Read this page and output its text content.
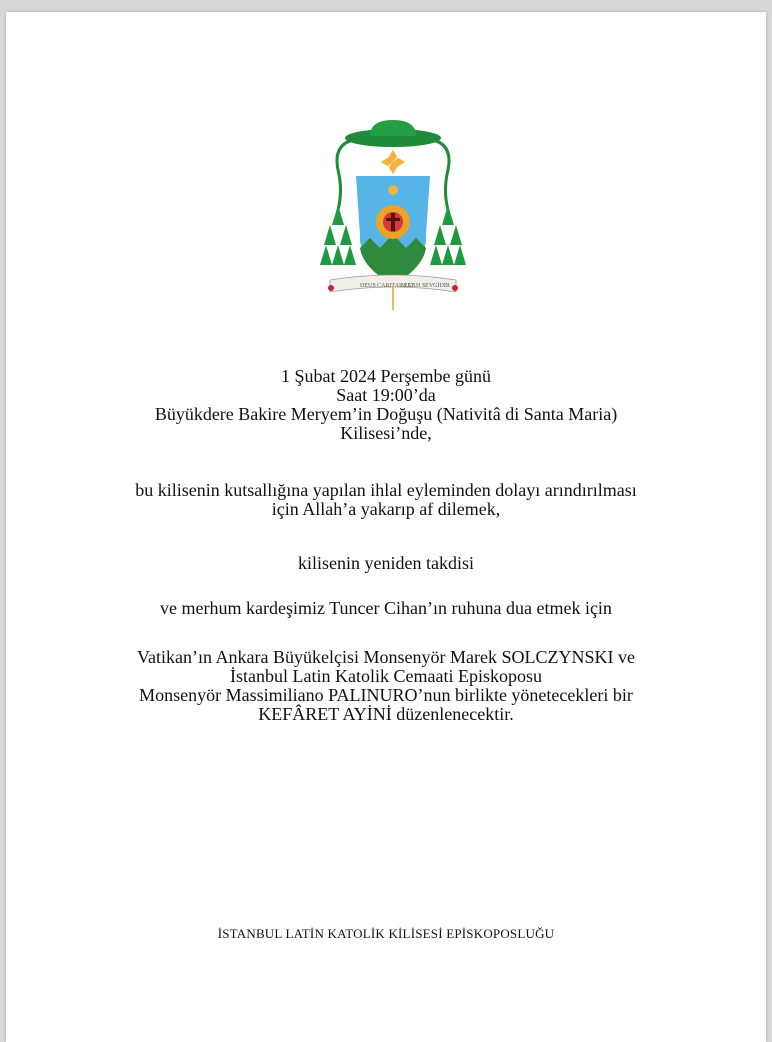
DEUS CARITAS EST
ALLAH SEVGİDİR
1 Şubat 2024 Perşembe günü
Saat 19:00’da
Büyükdere Bakire Meryem’in Doğuşu (Nativitâ di Santa Maria)
Kilisesi’nde,
bu kilisenin kutsallığına yapılan ihlal eyleminden dolayı arındırılması
için Allah’a yakarıp af dilemek,
kilisenin yeniden takdisi
ve merhum kardeşimiz Tuncer Cihan’ın ruhuna dua etmek için
Vatikan’ın Ankara Büyükelçisi Monsenyör Marek SOLCZYNSKI ve
İstanbul Latin Katolik Cemaati Episkoposu
Monsenyör Massimiliano PALINURO’nun birlikte yönetecekleri bir
KEFÂRET AYİNİ düzenlenecektir.
İSTANBUL LATİN KATOLİK KİLİSESİ EPİSKOPOSLUĞU
